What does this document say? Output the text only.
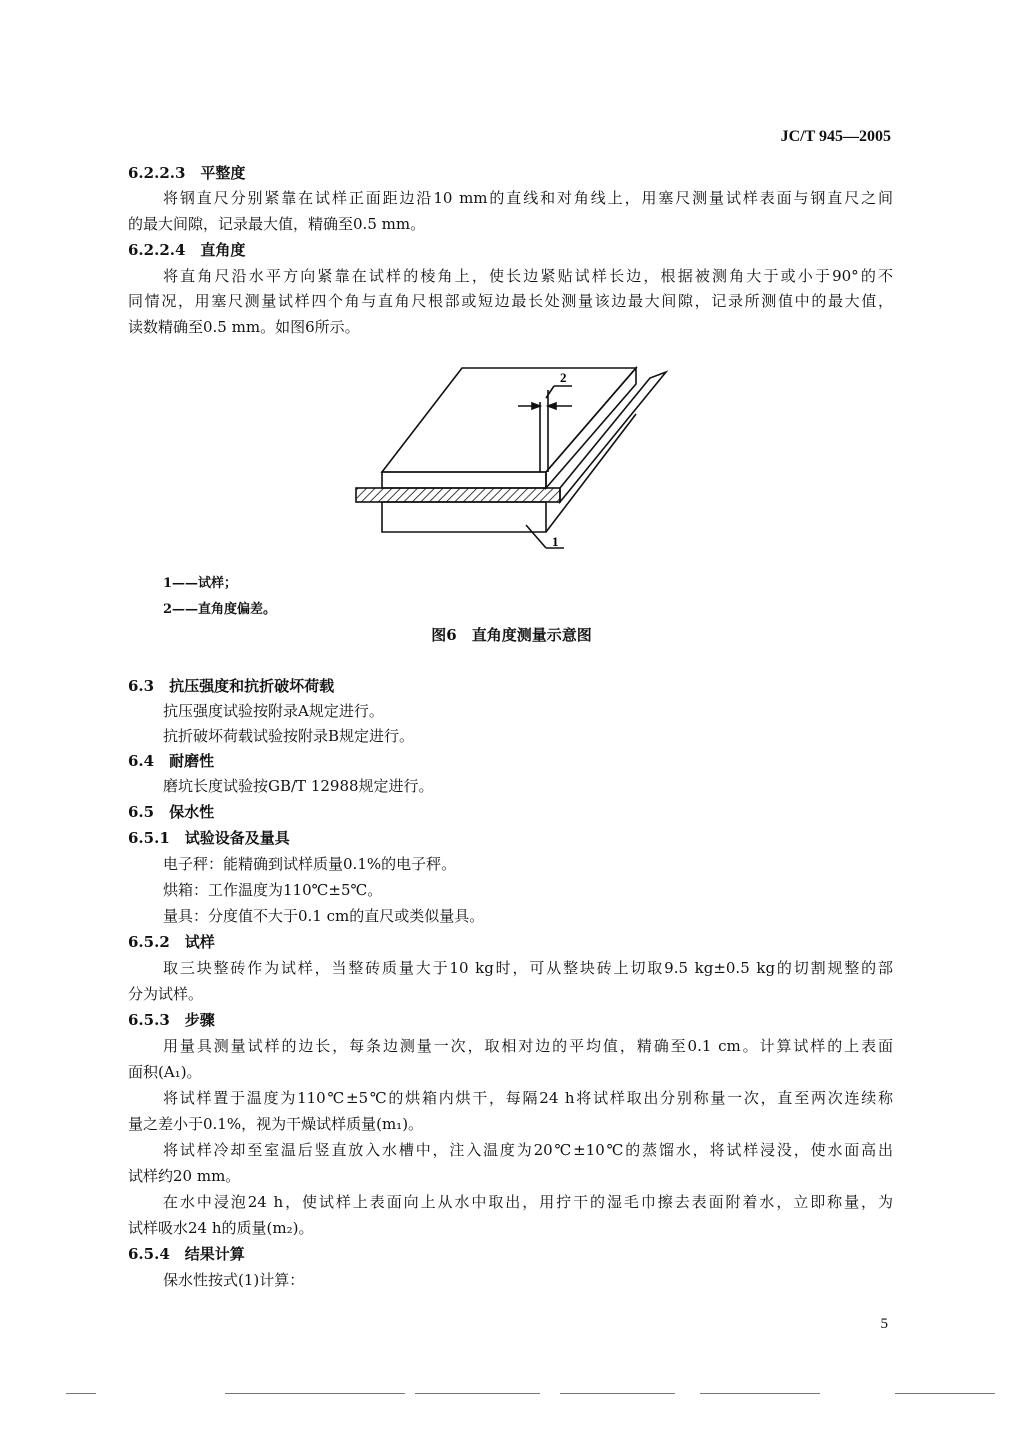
JC/T 945—2005
6.2.2.3　平整度
将钢直尺分别紧靠在试样正面距边沿10 mm的直线和对角线上，用塞尺测量试样表面与钢直尺之间
的最大间隙，记录最大值，精确至0.5 mm。
6.2.2.4　直角度
将直角尺沿水平方向紧靠在试样的棱角上，使长边紧贴试样长边，根据被测角大于或小于90°的不
同情况，用塞尺测量试样四个角与直角尺根部或短边最长处测量该边最大间隙，记录所测值中的最大值，
读数精确至0.5 mm。如图6所示。
2
1
1——试样；
2——直角度偏差。
图6　直角度测量示意图
6.3　抗压强度和抗折破坏荷载
抗压强度试验按附录A规定进行。
抗折破坏荷载试验按附录B规定进行。
6.4　耐磨性
磨坑长度试验按GB/T 12988规定进行。
6.5　保水性
6.5.1　试验设备及量具
电子秤：能精确到试样质量0.1%的电子秤。
烘箱：工作温度为110℃±5℃。
量具：分度值不大于0.1 cm的直尺或类似量具。
6.5.2　试样
取三块整砖作为试样，当整砖质量大于10 kg时，可从整块砖上切取9.5 kg±0.5 kg的切割规整的部
分为试样。
6.5.3　步骤
用量具测量试样的边长，每条边测量一次，取相对边的平均值，精确至0.1 cm。计算试样的上表面
面积(A₁)。
将试样置于温度为110℃±5℃的烘箱内烘干，每隔24 h将试样取出分别称量一次，直至两次连续称
量之差小于0.1%，视为干燥试样质量(m₁)。
将试样冷却至室温后竖直放入水槽中，注入温度为20℃±10℃的蒸馏水，将试样浸没，使水面高出
试样约20 mm。
在水中浸泡24 h，使试样上表面向上从水中取出，用拧干的湿毛巾擦去表面附着水，立即称量，为
试样吸水24 h的质量(m₂)。
6.5.4　结果计算
保水性按式(1)计算：
5
